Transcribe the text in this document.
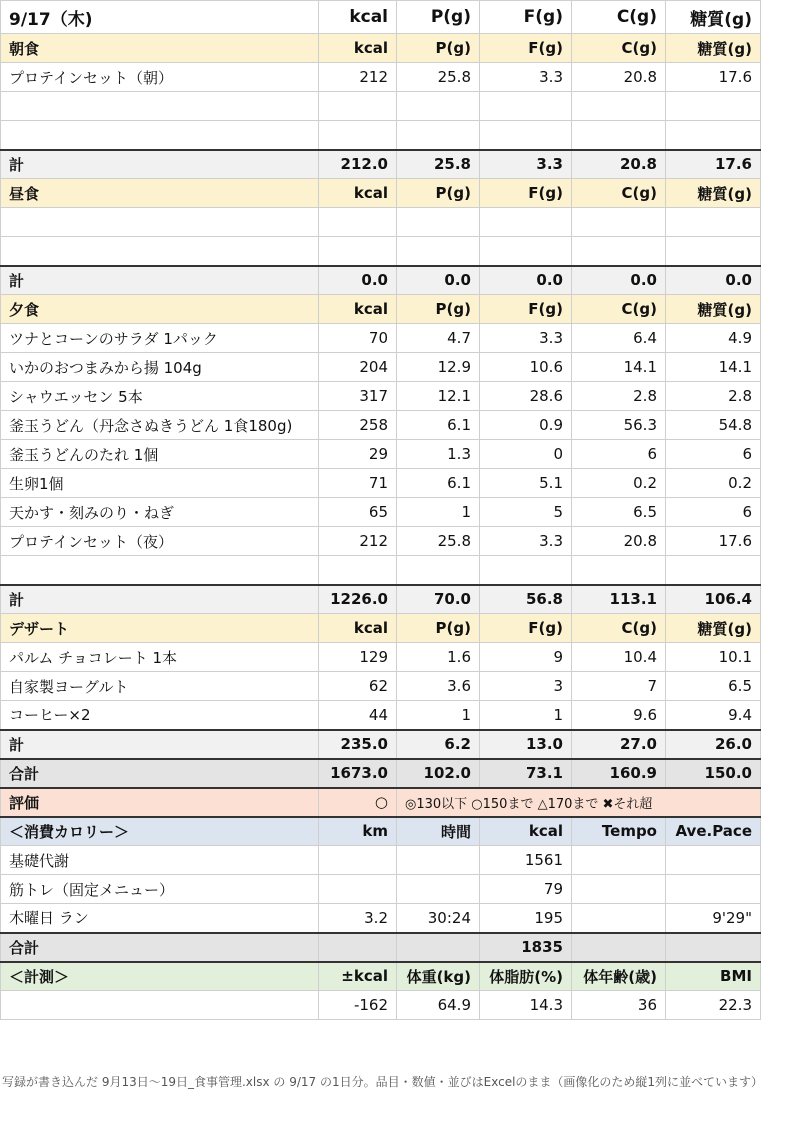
9/17（木)	kcal	P(g)	F(g)	C(g)	糖質(g)
朝食	kcal	P(g)	F(g)	C(g)	糖質(g)
プロテインセット（朝）	212	25.8	3.3	20.8	17.6

計	212.0	25.8	3.3	20.8	17.6
昼食	kcal	P(g)	F(g)	C(g)	糖質(g)

計	0.0	0.0	0.0	0.0	0.0
夕食	kcal	P(g)	F(g)	C(g)	糖質(g)
ツナとコーンのサラダ 1パック	70	4.7	3.3	6.4	4.9
いかのおつまみから揚 104g	204	12.9	10.6	14.1	14.1
シャウエッセン 5本	317	12.1	28.6	2.8	2.8
釜玉うどん（丹念さぬきうどん 1食180g)	258	6.1	0.9	56.3	54.8
釜玉うどんのたれ 1個	29	1.3	0	6	6
生卵1個	71	6.1	5.1	0.2	0.2
天かす・刻みのり・ねぎ	65	1	5	6.5	6
プロテインセット（夜）	212	25.8	3.3	20.8	17.6

計	1226.0	70.0	56.8	113.1	106.4
デザート	kcal	P(g)	F(g)	C(g)	糖質(g)
パルム チョコレート 1本	129	1.6	9	10.4	10.1
自家製ヨーグルト	62	3.6	3	7	6.5
コーヒー×2	44	1	1	9.6	9.4
計	235.0	6.2	13.0	27.0	26.0
合計	1673.0	102.0	73.1	160.9	150.0
評価	○	◎130以下 ○150まで △170まで ✖それ超			
＜消費カロリー＞	km	時間	kcal	Tempo	Ave.Pace
基礎代謝			1561		
筋トレ（固定メニュー）			79		
木曜日 ラン	3.2	30:24	195		9'29"
合計			1835		
＜計測＞	±kcal	体重(kg)	体脂肪(%)	体年齢(歳)	BMI
	-162	64.9	14.3	36	22.3
写録が書き込んだ 9月13日〜19日_食事管理.xlsx の 9/17 の1日分。品目・数値・並びはExcelのまま（画像化のため縦1列に並べています）
